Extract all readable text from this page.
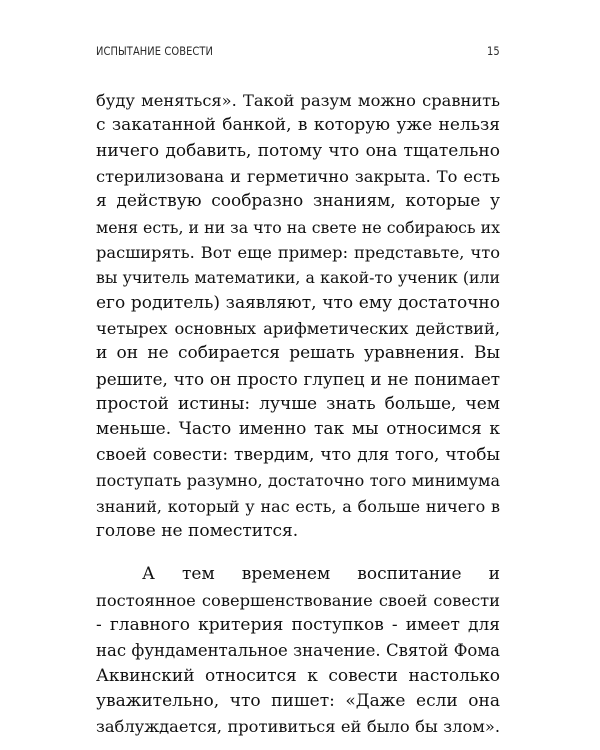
ИСПЫТАНИЕ СОВЕСТИ	15
буду меняться». Такой разум можно сравнить
с закатанной банкой, в которую уже нельзя
ничего добавить, потому что она тщательно
стерилизована и герметично закрыта. То есть
я действую сообразно знаниям, которые у
меня есть, и ни за что на свете не собираюсь их
расширять. Вот еще пример: представьте, что
вы учитель математики, а какой-то ученик (или
его родитель) заявляют, что ему достаточно
четырех основных арифметических действий,
и он не собирается решать уравнения. Вы
решите, что он просто глупец и не понимает
простой истины: лучше знать больше, чем
меньше. Часто именно так мы относимся к
своей совести: твердим, что для того, чтобы
поступать разумно, достаточно того минимума
знаний, который у нас есть, а больше ничего в
голове не поместится.
А тем временем воспитание и
постоянное совершенствование своей совести
- главного критерия поступков - имеет для
нас фундаментальное значение. Святой Фома
Аквинский относится к совести настолько
уважительно, что пишет: «Даже если она
заблуждается, противиться ей было бы злом».
